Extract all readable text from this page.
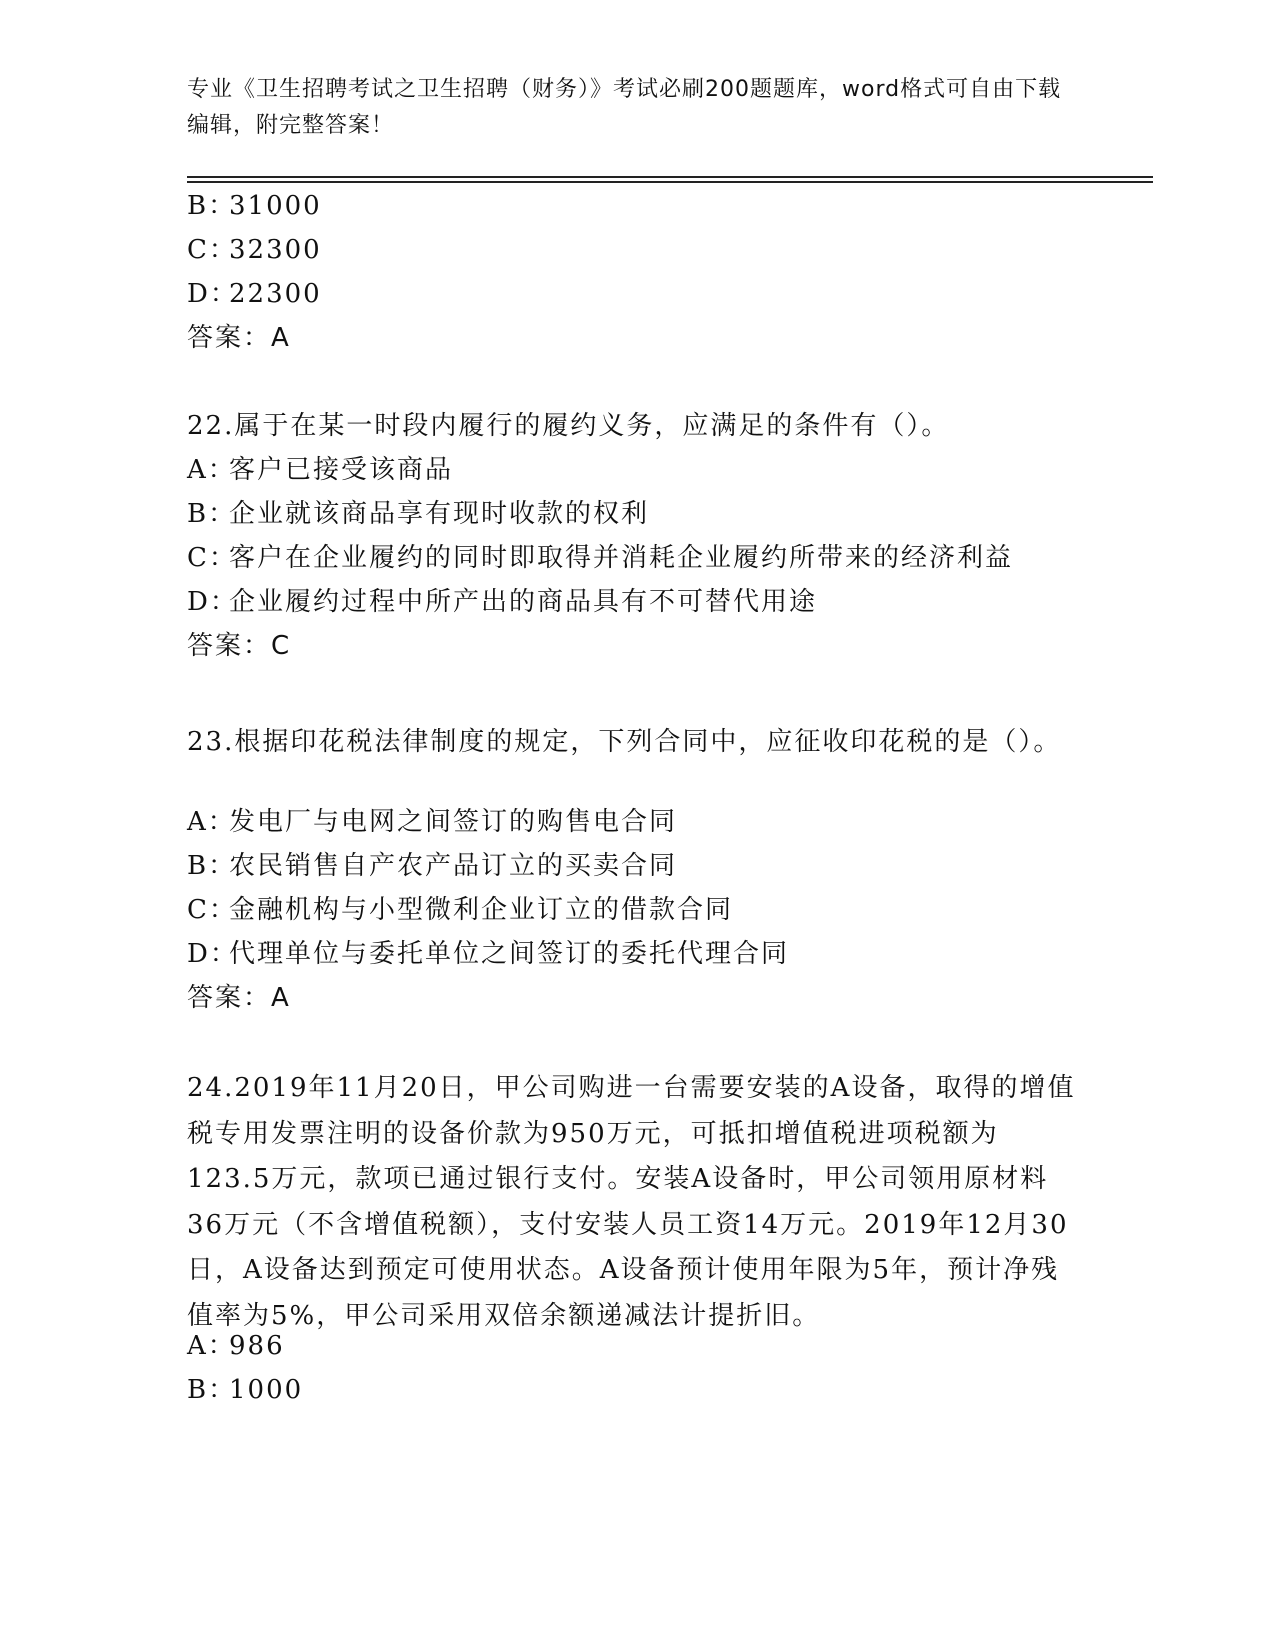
专业《卫生招聘考试之卫生招聘（财务）》考试必刷200题题库，word格式可自由下载编辑，附完整答案！
B：31000
C：32300
D：22300
答案：A
22.属于在某一时段内履行的履约义务，应满足的条件有（）。
A：客户已接受该商品
B：企业就该商品享有现时收款的权利
C：客户在企业履约的同时即取得并消耗企业履约所带来的经济利益
D：企业履约过程中所产出的商品具有不可替代用途
答案：C
23.根据印花税法律制度的规定，下列合同中，应征收印花税的是（）。
A：发电厂与电网之间签订的购售电合同
B：农民销售自产农产品订立的买卖合同
C：金融机构与小型微利企业订立的借款合同
D：代理单位与委托单位之间签订的委托代理合同
答案：A
24.2019年11月20日，甲公司购进一台需要安装的A设备，取得的增值税专用发票注明的设备价款为950万元，可抵扣增值税进项税额为123.5万元，款项已通过银行支付。安装A设备时，甲公司领用原材料36万元（不含增值税额），支付安装人员工资14万元。2019年12月30日，A设备达到预定可使用状态。A设备预计使用年限为5年，预计净残值率为5%，甲公司采用双倍余额递减法计提折旧。
A：986
B：1000
